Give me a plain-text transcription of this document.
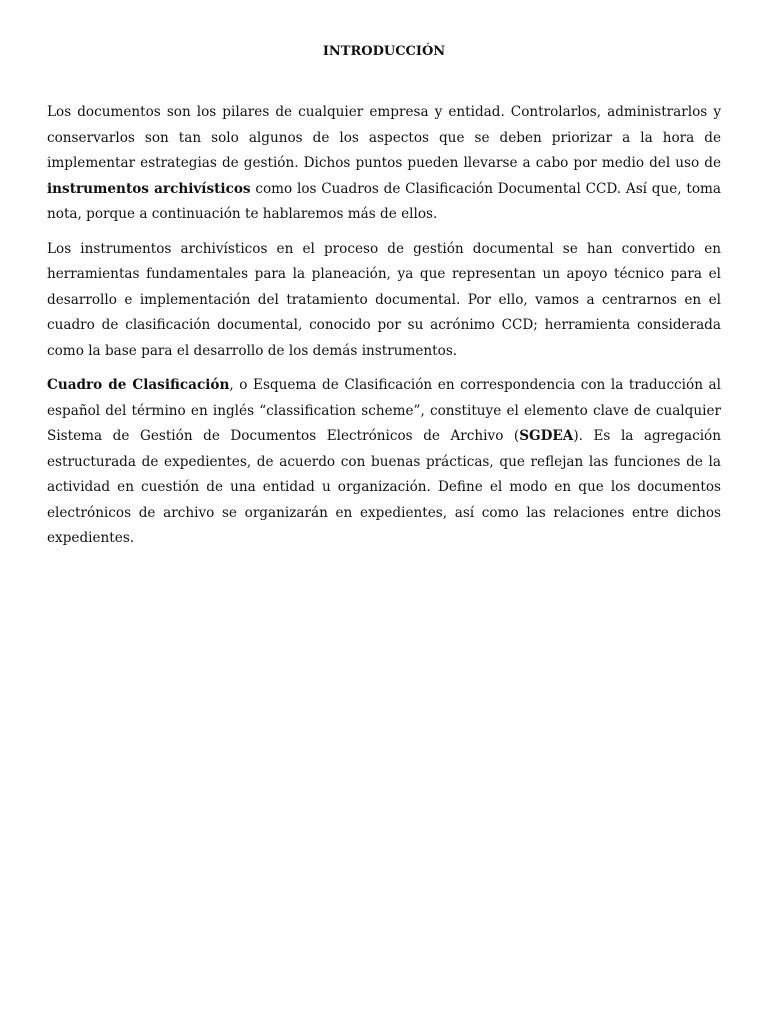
INTRODUCCIÓN

Los documentos son los pilares de cualquier empresa y entidad. Controlarlos, administrarlos y conservarlos son tan solo algunos de los aspectos que se deben priorizar a la hora de implementar estrategias de gestión. Dichos puntos pueden llevarse a cabo por medio del uso de instrumentos archivísticos como los Cuadros de Clasificación Documental CCD. Así que, toma nota, porque a continuación te hablaremos más de ellos.

Los instrumentos archivísticos en el proceso de gestión documental se han convertido en herramientas fundamentales para la planeación, ya que representan un apoyo técnico para el desarrollo e implementación del tratamiento documental. Por ello, vamos a centrarnos en el cuadro de clasificación documental, conocido por su acrónimo CCD; herramienta considerada como la base para el desarrollo de los demás instrumentos.

Cuadro de Clasificación, o Esquema de Clasificación en correspondencia con la traducción al español del término en inglés “classification scheme”, constituye el elemento clave de cualquier Sistema de Gestión de Documentos Electrónicos de Archivo (SGDEA). Es la agregación estructurada de expedientes, de acuerdo con buenas prácticas, que reflejan las funciones de la actividad en cuestión de una entidad u organización. Define el modo en que los documentos electrónicos de archivo se organizarán en expedientes, así como las relaciones entre dichos expedientes.
